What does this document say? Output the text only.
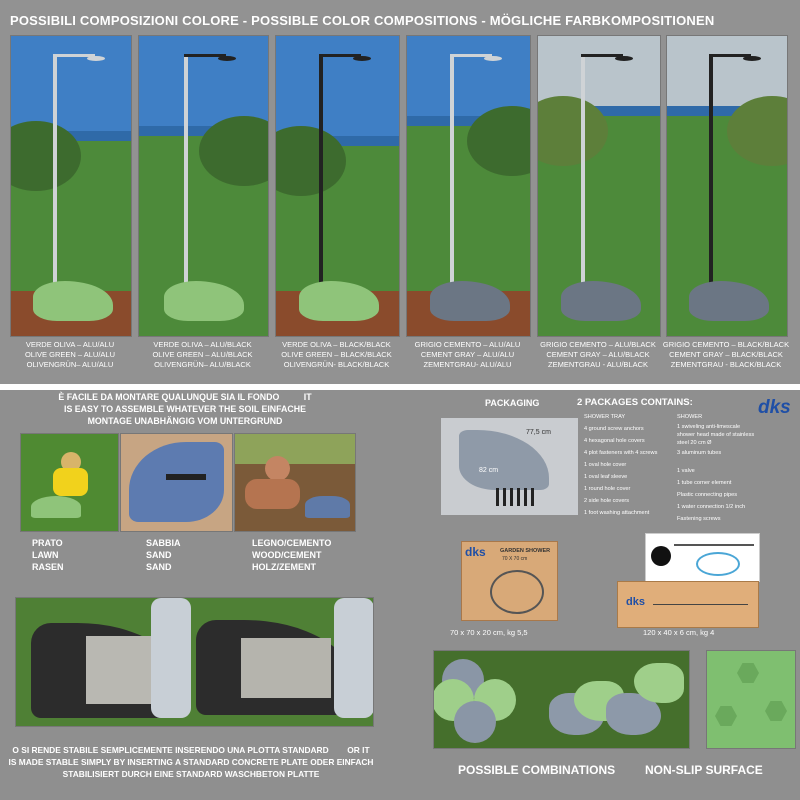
POSSIBILI COMPOSIZIONI COLORE - POSSIBLE COLOR COMPOSITIONS - MÖGLICHE FARBKOMPOSITIONEN
VERDE OLIVA – ALU/ALU
OLIVE GREEN – ALU/ALU
OLIVENGRÜN– ALU/ALU
VERDE OLIVA – ALU/BLACK
OLIVE GREEN – ALU/BLACK
OLIVENGRÜN– ALU/BLACK
VERDE OLIVA – BLACK/BLACK
OLIVE GREEN – BLACK/BLACK
OLIVENGRÜN- BLACK/BLACK
GRIGIO CEMENTO – ALU/ALU
CEMENT GRAY – ALU/ALU
ZEMENTGRAU- ALU/ALU
GRIGIO CEMENTO – ALU/BLACK
CEMENT GRAY – ALU/BLACK
ZEMENTGRAU - ALU/BLACK
GRIGIO CEMENTO – BLACK/BLACK
CEMENT GRAY – BLACK/BLACK
ZEMENTGRAU - BLACK/BLACK
È FACILE DA MONTARE QUALUNQUE SIA IL FONDO	IT
IS EASY TO ASSEMBLE WHATEVER THE SOIL EINFACHE
MONTAGE UNABHÄNGIG VOM UNTERGRUND
PRATO
LAWN
RASEN
SABBIA
SAND
SAND
LEGNO/CEMENTO
WOOD/CEMENT
HOLZ/ZEMENT
O SI RENDE STABILE SEMPLICEMENTE INSERENDO UNA PLOTTA STANDARD OR IT
IS MADE STABLE SIMPLY BY INSERTING A STANDARD CONCRETE PLATE ODER EINFACH
STABILISIERT DURCH EINE STANDARD WASCHBETON PLATTE
PACKAGING	2 PACKAGES CONTAINS:
77,5 cm
82 cm
SHOWER TRAY
4 ground screw anchors
4 hexagonal hole covers
4 plot fasteners with 4 screws
1 oval hole cover
1 oval leaf sleeve
1 round hole cover
2 side hole covers
1 foot washing attachment
SHOWER
1 swiveling anti-limescale
shower head made of stainless
steel 20 cm Ø
3 aluminum tubes
1 valve
1 tube corner element
Plastic connecting pipes
1 water connection 1/2 inch
Fastening screws
dks
dks	GARDEN SHOWER
70 X 70 cm
70 x 70 x 20 cm, kg 5,5
dks
120 x 40 x 6 cm, kg 4
POSSIBLE COMBINATIONS NON-SLIP SURFACE
